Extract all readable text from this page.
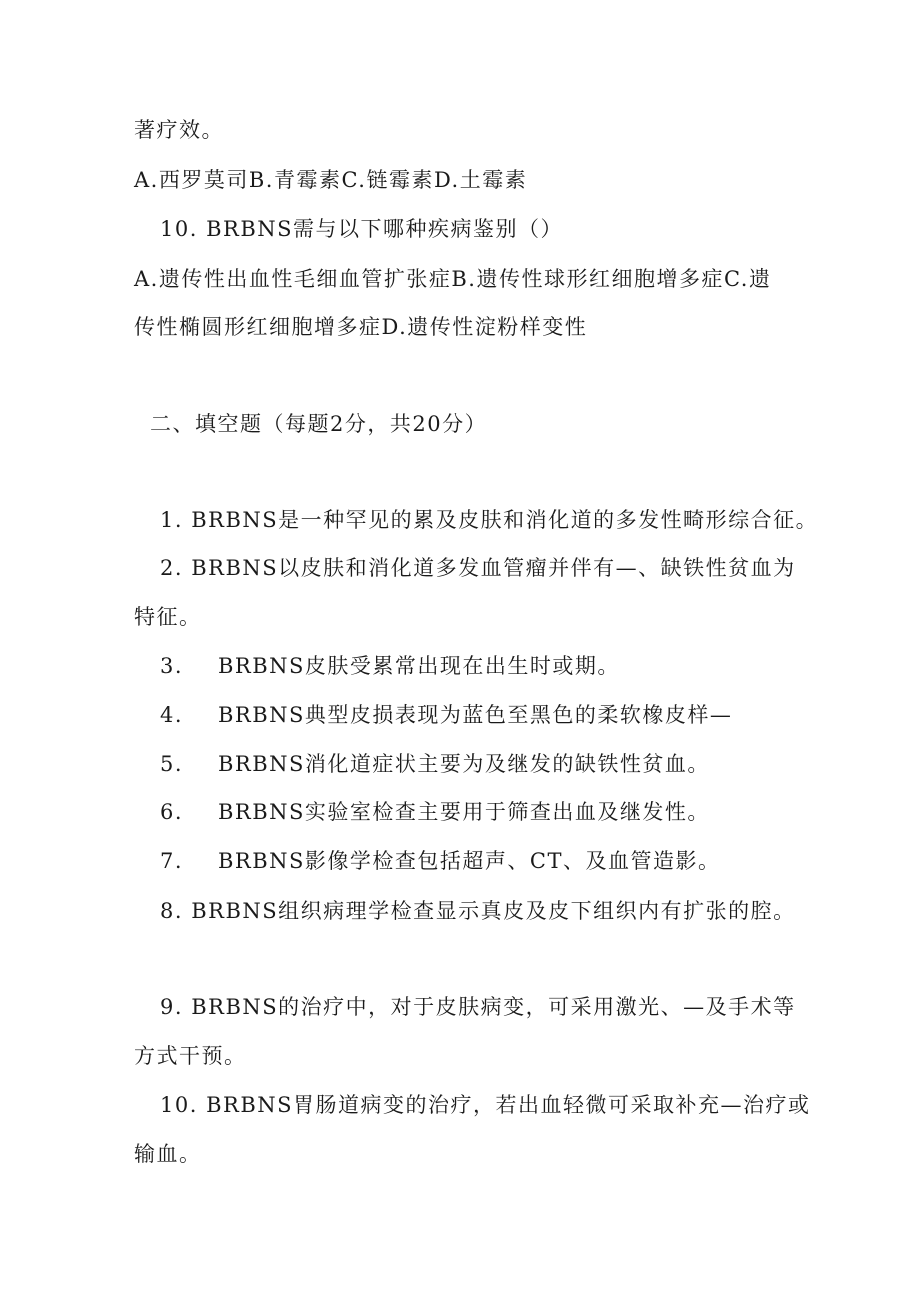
著疗效。
A.西罗莫司B.青霉素C.链霉素D.土霉素
10. BRBNS需与以下哪种疾病鉴别（）
A.遗传性出血性毛细血管扩张症B.遗传性球形红细胞增多症C.遗
传性椭圆形红细胞增多症D.遗传性淀粉样变性
二、填空题（每题2分，共20分）
1. BRBNS是一种罕见的累及皮肤和消化道的多发性畸形综合征。
2. BRBNS以皮肤和消化道多发血管瘤并伴有—、缺铁性贫血为
特征。
3. BRBNS皮肤受累常出现在出生时或期。
4. BRBNS典型皮损表现为蓝色至黑色的柔软橡皮样—
5. BRBNS消化道症状主要为及继发的缺铁性贫血。
6. BRBNS实验室检查主要用于筛查出血及继发性。
7. BRBNS影像学检查包括超声、CT、及血管造影。
8. BRBNS组织病理学检查显示真皮及皮下组织内有扩张的腔。
9. BRBNS的治疗中，对于皮肤病变，可采用激光、—及手术等
方式干预。
10. BRBNS胃肠道病变的治疗，若出血轻微可采取补充—治疗或
输血。
